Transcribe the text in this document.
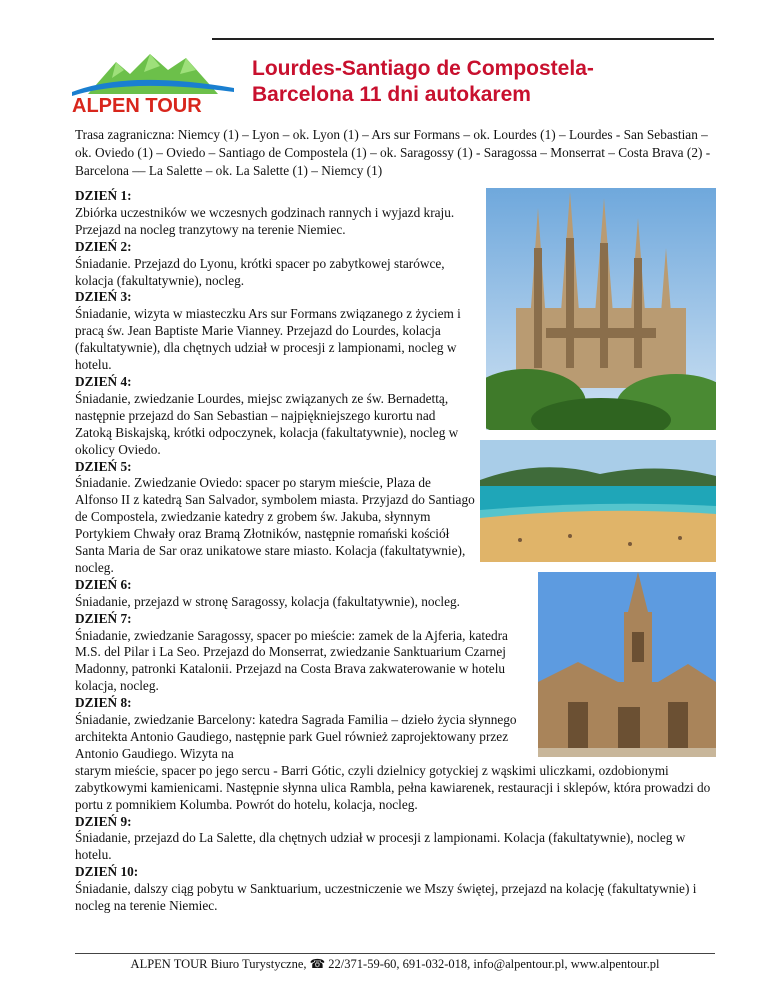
ALPEN TOUR
Lourdes-Santiago de Compostela-
Barcelona 11 dni autokarem
Trasa zagraniczna: Niemcy (1) – Lyon – ok. Lyon (1) – Ars sur Formans – ok. Lourdes (1) – Lourdes - San Sebastian – ok. Oviedo (1) – Oviedo – Santiago de Compostela (1) – ok. Saragossy (1) - Saragossa – Monserrat – Costa Brava (2) - Barcelona –– La Salette – ok. La Salette (1) – Niemcy (1)
DZIEŃ 1:
Zbiórka uczestników we wczesnych godzinach rannych i wyjazd kraju. Przejazd na nocleg tranzytowy na terenie Niemiec.
DZIEŃ 2:
Śniadanie. Przejazd do Lyonu, krótki spacer po zabytkowej starówce, kolacja (fakultatywnie), nocleg.
DZIEŃ 3:
Śniadanie, wizyta w miasteczku Ars sur Formans związanego z życiem i pracą św. Jean Baptiste Marie Vianney. Przejazd do Lourdes, kolacja (fakultatywnie), dla chętnych udział w procesji z lampionami, nocleg w hotelu.
DZIEŃ 4:
Śniadanie, zwiedzanie Lourdes, miejsc związanych ze św. Bernadettą, następnie przejazd do San Sebastian – najpiękniejszego kurortu nad Zatoką Biskajską, krótki odpoczynek, kolacja (fakultatywnie), nocleg w okolicy Oviedo.
DZIEŃ 5:
Śniadanie. Zwiedzanie Oviedo: spacer po starym mieście, Plaza de Alfonso II z katedrą San Salvador, symbolem miasta. Przyjazd do Santiago de Compostela, zwiedzanie katedry z grobem św. Jakuba, słynnym Portykiem Chwały oraz Bramą Złotników, następnie romański kościół Santa Maria de Sar oraz unikatowe stare miasto. Kolacja (fakultatywnie), nocleg.
DZIEŃ 6:
Śniadanie, przejazd w stronę Saragossy, kolacja (fakultatywnie), nocleg.
DZIEŃ 7:
Śniadanie, zwiedzanie Saragossy, spacer po mieście: zamek de la Ajferia, katedra M.S. del Pilar i La Seo. Przejazd do Monserrat, zwiedzanie Sanktuarium Czarnej Madonny, patronki Katalonii. Przejazd na Costa Brava zakwaterowanie w hotelu kolacja, nocleg.
DZIEŃ 8:
Śniadanie, zwiedzanie Barcelony: katedra Sagrada Familia – dzieło życia słynnego architekta Antonio Gaudiego, następnie park Guel również zaprojektowany przez Antonio Gaudiego. Wizyta na
starym mieście, spacer po jego sercu - Barri Gótic, czyli dzielnicy gotyckiej z wąskimi uliczkami, ozdobionymi zabytkowymi kamienicami. Następnie słynna ulica Rambla, pełna kawiarenek, restauracji i sklepów, która prowadzi do portu z pomnikiem Kolumba. Powrót do hotelu, kolacja, nocleg.
DZIEŃ 9:
Śniadanie, przejazd do La Salette, dla chętnych udział w procesji z lampionami. Kolacja (fakultatywnie), nocleg w hotelu.
DZIEŃ 10:
Śniadanie, dalszy ciąg pobytu w Sanktuarium, uczestniczenie we Mszy świętej, przejazd na kolację (fakultatywnie) i nocleg na terenie Niemiec.
ALPEN TOUR Biuro Turystyczne, ☎ 22/371-59-60, 691-032-018, info@alpentour.pl, www.alpentour.pl
